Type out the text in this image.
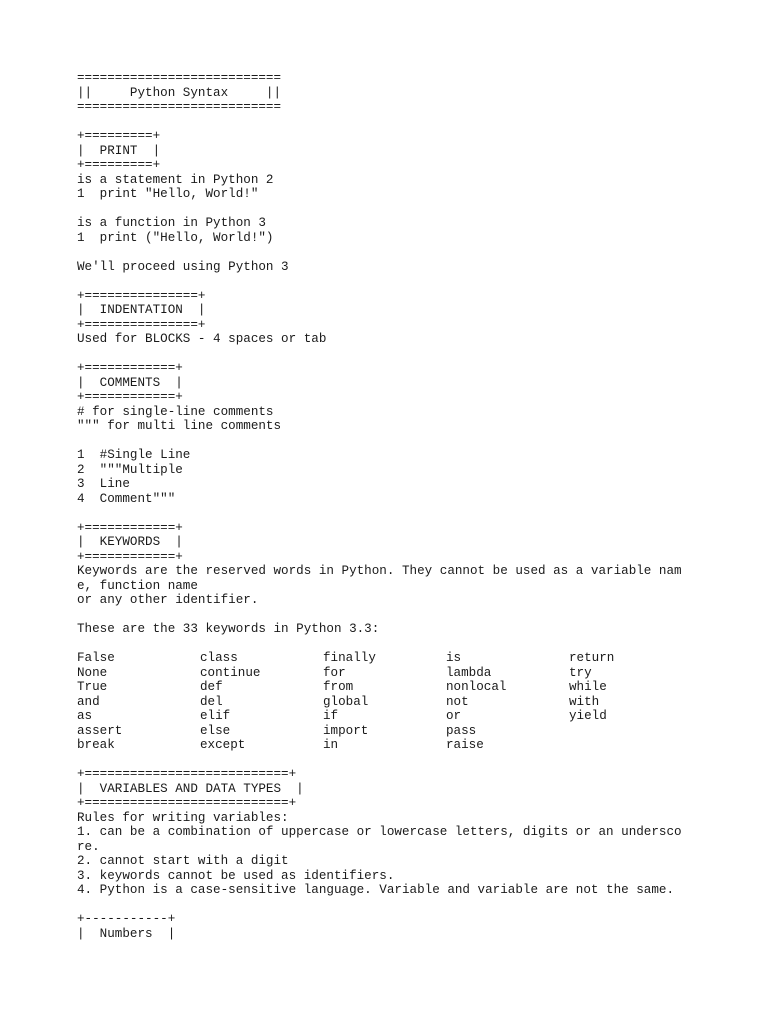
===========================
||     Python Syntax     ||
===========================
+=========+
|  PRINT  |
+=========+
is a statement in Python 2
1  print "Hello, World!"
is a function in Python 3
1  print ("Hello, World!")
We'll proceed using Python 3
+===============+
|  INDENTATION  |
+===============+
Used for BLOCKS - 4 spaces or tab
+============+
|  COMMENTS  |
+============+
# for single-line comments
""" for multi line comments
1  #Single Line
2  """Multiple
3  Line
4  Comment"""
+============+
|  KEYWORDS  |
+============+
Keywords are the reserved words in Python. They cannot be used as a variable nam
e, function name
or any other identifier.
These are the 33 keywords in Python 3.3:
False	class	finally	is	return
None	continue	for	lambda	try
True	def	from	nonlocal	while
and	del	global	not	with
as	elif	if	or	yield
assert	else	import	pass
break	except	in	raise
+===========================+
|  VARIABLES AND DATA TYPES  |
+===========================+
Rules for writing variables:
1. can be a combination of uppercase or lowercase letters, digits or an undersco
re.
2. cannot start with a digit
3. keywords cannot be used as identifiers.
4. Python is a case-sensitive language. Variable and variable are not the same.
+-----------+
|  Numbers  |
